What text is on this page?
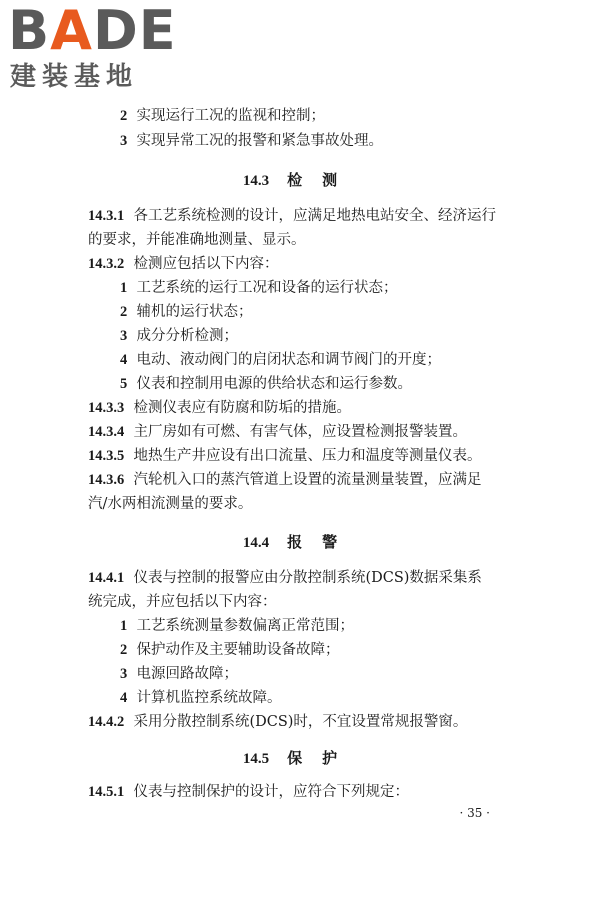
BADE
建装基地
2 实现运行工况的监视和控制；
3 实现异常工况的报警和紧急事故处理。
14.3 检测
14.3.1 各工艺系统检测的设计，应满足地热电站安全、经济运行
的要求，并能准确地测量、显示。
14.3.2 检测应包括以下内容：
1 工艺系统的运行工况和设备的运行状态；
2 辅机的运行状态；
3 成分分析检测；
4 电动、液动阀门的启闭状态和调节阀门的开度；
5 仪表和控制用电源的供给状态和运行参数。
14.3.3 检测仪表应有防腐和防垢的措施。
14.3.4 主厂房如有可燃、有害气体，应设置检测报警装置。
14.3.5 地热生产井应设有出口流量、压力和温度等测量仪表。
14.3.6 汽轮机入口的蒸汽管道上设置的流量测量装置，应满足
汽/水两相流测量的要求。
14.4 报警
14.4.1 仪表与控制的报警应由分散控制系统(DCS)数据采集系
统完成，并应包括以下内容：
1 工艺系统测量参数偏离正常范围；
2 保护动作及主要辅助设备故障；
3 电源回路故障；
4 计算机监控系统故障。
14.4.2 采用分散控制系统(DCS)时，不宜设置常规报警窗。
14.5 保护
14.5.1 仪表与控制保护的设计，应符合下列规定：
· 35 ·
